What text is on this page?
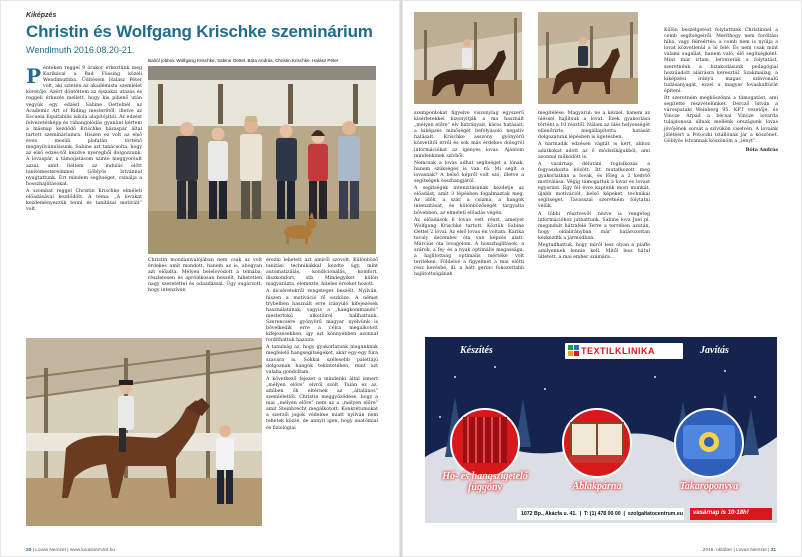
Kiképzés
Christin és Wolfgang Krischke szeminárium
Wendlmuth 2016.08.20-21.
Balról jobbra: Wolfgang Krischke, Sabine Oettel, Bóta András, Christin Krischke, Halász Péter

Pénteken reggel 9 órakor érkeztünk meg Karikával a Bad Füssing közeli Wendlmuthba. Üdítésem Halász Péter volt, aki szintén az akadémista szemlélet követője. Azért döntöttem az éjszakai utazás és reggeli érkezés mellett, hogy kis pihenő után vegyük egy edzést Sabine Oettelnél az Academic Art of Riding mesterétől, illetve az Escuela Equitabilis iskola alapítójától. Az edzést felvezetésképp és ráhangolódás gyanánt kértem a másnap kezdődő Krischke házaspár által tartott szemináriumra. Hiszen ez volt az első éven mesüli plafatán történő megnyilvánulásunk. Sabine azt tanácsolta, hogy az első edzés-től kezdve nyeregből dolgozzunk. A lovaspár, a támogatásom szinte meggyorsult azzal, amit ítéltem az indulás előtt tanítómestereimmel Göblyös Istvánnal nyugtattunk. Ért mindem segítséget, csinálja a hosszhajlításokat.

A szombat reggel Christin Krischke elméleti előadásával kezdődött. A téma: „A lovakat kezdeményezzük tenni és tanításai motivált” volt.

Christin mondanivalójában nem csak az volt érdekes amit mondott, hanem az is, ahogyan azt előadta. Mélyen belelovódott a témába, részletesen és aprólékosan beszélt, hihetetlen nagy szeretettel és odaadással. Úgy sugárzott, hogy intenzíven

érezni lehetett azt amiről szóvolt. Különböző tanítási technikákkal kezdte úgy, mint automatizálás, kondicionálás, komfort, diszkomfort, stb. Mindegyiket külön magyarázta, elemezte, hiteles érveket hozott.

A dicséretekről rengeteget beszélt. Nyilván, hiszen a motiváció fő eszköze. A német trybelben használt erre irányuló kifejezések használatának, vagyis a „hangkommandó” mesterfokú alkotóiról hallhattunk. Szerencsére gyönyörű magyar nyelvünk is bővelkedik erre a célra megalkotott kifejezésekben, így ezt könnyebben azonnal fordíthattuk hazaira.

A tanulság az, hogy gyakorlatunk magunknak megfelelő hangsegítségeket, akár egy-egy fúra szavára is. Sokkal szélesebb palettájú dolgoznak hangok tekintetében, mint azt valaha gondoltam.

A következő fejezet a mindenki által ismert „mélyen előre” elvről szólt. Talán ez az, amiben ők eltérnek az „általános” szemlélettől. Christin meggyőződése, hogy a mai „mélyen előre” nem az a „mélyen előre” amit Steinbrecht megálkotott. Konkrétumokat a szerzői jogok védelme miatt nyilván nem tehetek közzé, de annyit igen, hogy anatómiai és fiziológiai

20 | Lovas Nemzet | www.lovasnemzet.hu

szempontokat figyelve viszonylag egyszerű kísérletekkel bizonyítják a ma használt „mélyen előre” elv hátrányait, káros hatásait, a kiképzés minőségét befolyásoló negatív hatásait. Krischke asszony gyönyörű közvetítői erről és sok más érdekes dologról információkat az igényes lovas. Ajánlom mindenkinek szívből.

Nemcsak a lovas adhat segítséget a lónak, hanem szükséges is van rá. Mi segít a lovasnak? A belső képről volt szó, illetve a segítségek összhangjáról.

A segítségek intenzitásának kezdetje az előadást, amit 3 lépésben fogalmaztak meg. Az idők, a szár, a csizma, a hangok intenzitását, és különbözőségét tárgyalta bővebben, az elméleti előadás végén.

Az előadások 6 lovas vett részt, amelyet Wolfgang Krischke tartott. Köztük Sabine Oettel 2 lóval. Az első lovas én voltam. Karika tavaly december óta van képzés alatt. Március óta lovagolom. A hosszhajlítások, a szárok, a fej- és a nyak optimális magassága, a hajlítottság optimális mértéke volt terítéken. Földelve a figyelmet a mai előtti rész kevésbé, ill. a hátt gerinc fokozottabb hajlítottságának

megítélése. Magyarul: ne a kézzel, hanem az üléssel hajlítsuk a lovat. Ezek gyakorlása történt a 10 résztől. Nálam az ülés helyességét ellenőrizte, megállapította hatását dolgozatunk lépésben is ügetésben.

A harmadik edzésen vágtát is kért, ahhoz adatkokat adott az ő módszikájukból, ami azonnal működött is.

A vasárnap délutáni foglalkozás a fogyaszkozta között. Itt mutatkozott meg gyakorlatban a lovak, és főleg a 2 kedvtő motiválása. Végig támogattuk a lovat és lovast egyaránt. Egy fél évre kaptunk most munkát, újabb motivációt, belső képeket, technikai segítséget. Tavasszal szeretném folytatni velük.

A többi résztvevőt nézve is rengeteg információhoz juthattunk. Sabine lova Juel pl. megindult hátrafelé Terre a terrében azután, hogy oldalirányban már határozottan kézkezdtk a jármódban.

Megtudhattuk, hogy miről lesz olyan a piaffe amilyennek lennie kell. Mitől lesz hátul ültetett, a mai ember számára...

Külön beszélgetést folytattunk Christinnel a comb segítségeiről. Meríthogy nem fordítási hiba, vagy félreértés: a comb nem is nyúlja a lovat közvetlenül a ló felé. És nem csak mint valami sugallat, hanem való, élő segítségként. Mint már írtam, lerrezetük a folytatást, szeretnénk a bizakodásunk pedagógiai hozzáadott aláírásra keresztül. Szakmailag, a kiképzési irányú magas színvonalú tudásanyagát, ezzel a magyar lovaskultúrát építeni.

Itt szeretném megköszönni a támogatást, ami segítette részvételünket. Dercző István a várospataki Weinberg 95. KFT vezetője, és Vincze Árpád a bécsai Vincze lovarda tulajdonosa állnak mellénk országunk lovas jövőjének sorsát a szívükön viselvén. A lovaink jólétéért a Potoczki istállónak jár a köszönet. Göblyös Istvánnak köszönöm a „lényt”.

Bóta András

2016. október | Lovas Nemzet | 21
Készítés	TEXTILKLINIKA	Javítás
Hő- és hangszigetelő függöny	Ablakpárna	Takaróponyva
1072 Bp., Akácfa u. 41.  |  T: (1) 478 00 00  |  szolgaltatocentrum.eu	vasárnap is 10-18h!
